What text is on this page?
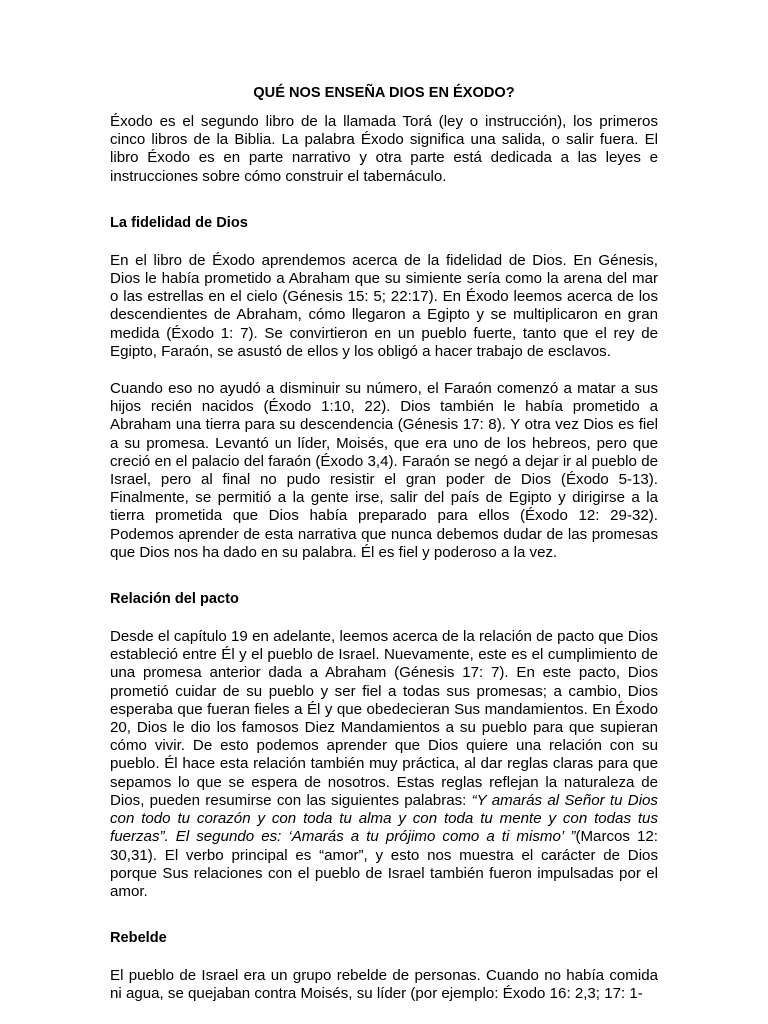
QUÉ NOS ENSEÑA DIOS EN ÉXODO?

Éxodo es el segundo libro de la llamada Torá (ley o instrucción), los primeros cinco libros de la Biblia. La palabra Éxodo significa una salida, o salir fuera. El libro Éxodo es en parte narrativo y otra parte está dedicada a las leyes e instrucciones sobre cómo construir el tabernáculo.

La fidelidad de Dios

En el libro de Éxodo aprendemos acerca de la fidelidad de Dios. En Génesis, Dios le había prometido a Abraham que su simiente sería como la arena del mar o las estrellas en el cielo (Génesis 15: 5; 22:17). En Éxodo leemos acerca de los descendientes de Abraham, cómo llegaron a Egipto y se multiplicaron en gran medida (Éxodo 1: 7). Se convirtieron en un pueblo fuerte, tanto que el rey de Egipto, Faraón, se asustó de ellos y los obligó a hacer trabajo de esclavos.

Cuando eso no ayudó a disminuir su número, el Faraón comenzó a matar a sus hijos recién nacidos (Éxodo 1:10, 22). Dios también le había prometido a Abraham una tierra para su descendencia (Génesis 17: 8). Y otra vez Dios es fiel a su promesa. Levantó un líder, Moisés, que era uno de los hebreos, pero que creció en el palacio del faraón (Éxodo 3,4). Faraón se negó a dejar ir al pueblo de Israel, pero al final no pudo resistir el gran poder de Dios (Éxodo 5-13). Finalmente, se permitió a la gente irse, salir del país de Egipto y dirigirse a la tierra prometida que Dios había preparado para ellos (Éxodo 12: 29-32). Podemos aprender de esta narrativa que nunca debemos dudar de las promesas que Dios nos ha dado en su palabra. Él es fiel y poderoso a la vez.

Relación del pacto

Desde el capítulo 19 en adelante, leemos acerca de la relación de pacto que Dios estableció entre Él y el pueblo de Israel. Nuevamente, este es el cumplimiento de una promesa anterior dada a Abraham (Génesis 17: 7). En este pacto, Dios prometió cuidar de su pueblo y ser fiel a todas sus promesas; a cambio, Dios esperaba que fueran fieles a Él y que obedecieran Sus mandamientos. En Éxodo 20, Dios le dio los famosos Diez Mandamientos a su pueblo para que supieran cómo vivir. De esto podemos aprender que Dios quiere una relación con su pueblo. Él hace esta relación también muy práctica, al dar reglas claras para que sepamos lo que se espera de nosotros. Estas reglas reflejan la naturaleza de Dios, pueden resumirse con las siguientes palabras: “Y amarás al Señor tu Dios con todo tu corazón y con toda tu alma y con toda tu mente y con todas tus fuerzas”. El segundo es: ‘Amarás a tu prójimo como a ti mismo’ ”(Marcos 12: 30,31). El verbo principal es “amor”, y esto nos muestra el carácter de Dios porque Sus relaciones con el pueblo de Israel también fueron impulsadas por el amor.

Rebelde

El pueblo de Israel era un grupo rebelde de personas. Cuando no había comida ni agua, se quejaban contra Moisés, su líder (por ejemplo: Éxodo 16: 2,3; 17: 1-
